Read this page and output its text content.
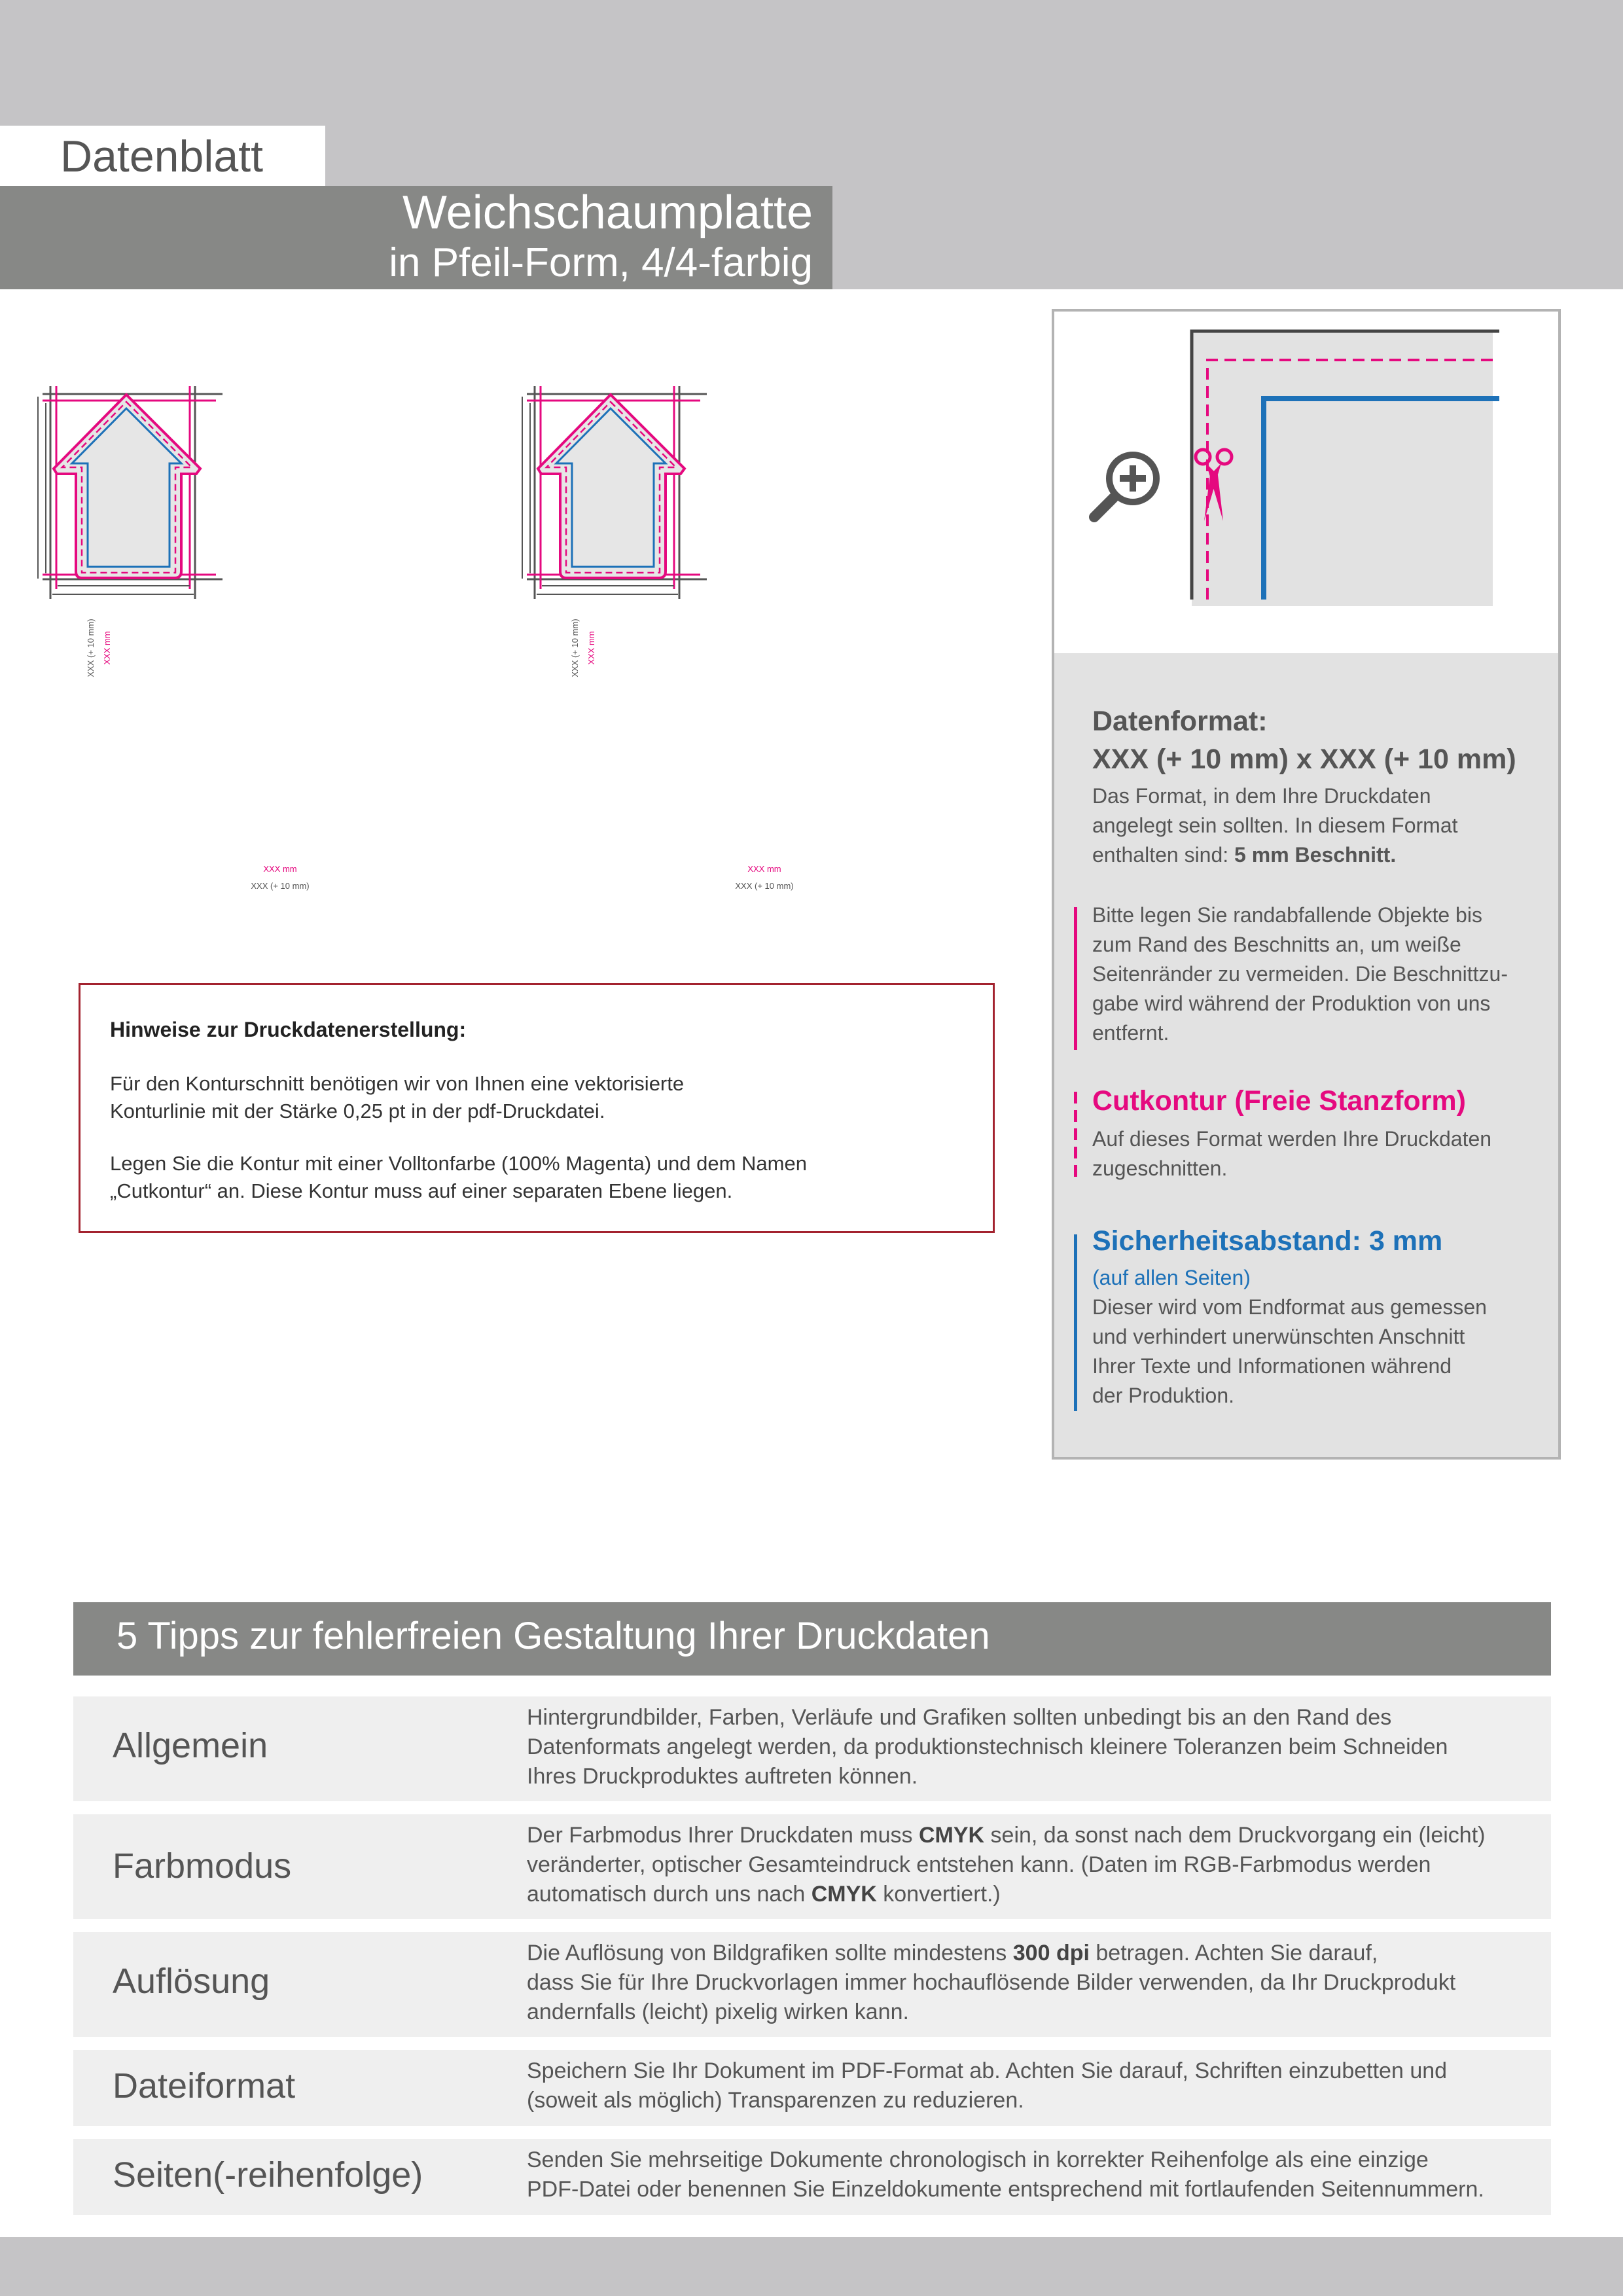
Datenblatt
Weichschaumplatte
in Pfeil-Form, 4/4-farbig
XXX (+ 10 mm) XXX mm
XXX mm
XXX (+ 10 mm)
XXX (+ 10 mm) XXX mm
XXX mm
XXX (+ 10 mm)
Hinweise zur Druckdatenerstellung:
Für den Konturschnitt benötigen wir von Ihnen eine vektorisierte
Konturlinie mit der Stärke 0,25 pt in der pdf-Druckdatei.
Legen Sie die Kontur mit einer Volltonfarbe (100% Magenta) und dem Namen
„Cutkontur“ an. Diese Kontur muss auf einer separaten Ebene liegen.
Datenformat:
XXX (+ 10 mm) x XXX (+ 10 mm)
Das Format, in dem Ihre Druckdaten
angelegt sein sollten. In diesem Format
enthalten sind: 5 mm Beschnitt.
Bitte legen Sie randabfallende Objekte bis
zum Rand des Beschnitts an, um weiße
Seitenränder zu vermeiden. Die Beschnittzu-
gabe wird während der Produktion von uns
entfernt.
Cutkontur (Freie Stanzform)
Auf dieses Format werden Ihre Druckdaten
zugeschnitten.
Sicherheitsabstand: 3 mm
(auf allen Seiten)
Dieser wird vom Endformat aus gemessen
und verhindert unerwünschten Anschnitt
Ihrer Texte und Informationen während
der Produktion.
5 Tipps zur fehlerfreien Gestaltung Ihrer Druckdaten
Allgemein
Hintergrundbilder, Farben, Verläufe und Grafiken sollten unbedingt bis an den Rand des
Datenformats angelegt werden, da produktionstechnisch kleinere Toleranzen beim Schneiden
Ihres Druckproduktes auftreten können.
Farbmodus
Der Farbmodus Ihrer Druckdaten muss CMYK sein, da sonst nach dem Druckvorgang ein (leicht)
veränderter, optischer Gesamteindruck entstehen kann. (Daten im RGB-Farbmodus werden
automatisch durch uns nach CMYK konvertiert.)
Auflösung
Die Auflösung von Bildgrafiken sollte mindestens 300 dpi betragen. Achten Sie darauf,
dass Sie für Ihre Druckvorlagen immer hochauflösende Bilder verwenden, da Ihr Druckprodukt
andernfalls (leicht) pixelig wirken kann.
Dateiformat	Speichern Sie Ihr Dokument im PDF-Format ab. Achten Sie darauf, Schriften einzubetten und
(soweit als möglich) Transparenzen zu reduzieren.
Seiten(-reihenfolge)	Senden Sie mehrseitige Dokumente chronologisch in korrekter Reihenfolge als eine einzige
PDF-Datei oder benennen Sie Einzeldokumente entsprechend mit fortlaufenden Seitennummern.
